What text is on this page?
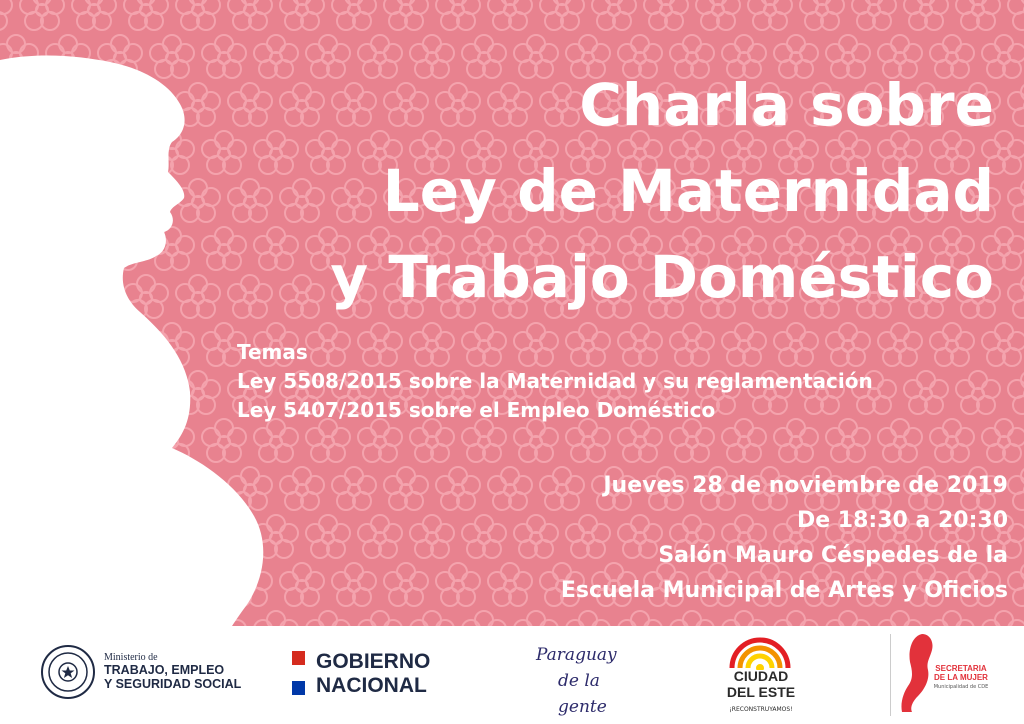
Charla sobre
Ley de Maternidad
y Trabajo Doméstico
Temas
Ley 5508/2015 sobre la Maternidad y su reglamentación
Ley 5407/2015 sobre el Empleo Doméstico
Jueves 28 de noviembre de 2019
De 18:30 a 20:30
Salón Mauro Céspedes de la
Escuela Municipal de Artes y Oficios
Ministerio de
TRABAJO, EMPLEO
Y SEGURIDAD SOCIAL
GOBIERNO
NACIONAL
Paraguay
de la gente
CIUDAD
DEL ESTE
¡RECONSTRUYAMOS!
SECRETARIA
DE LA MUJER
Municipalidad de CDE
